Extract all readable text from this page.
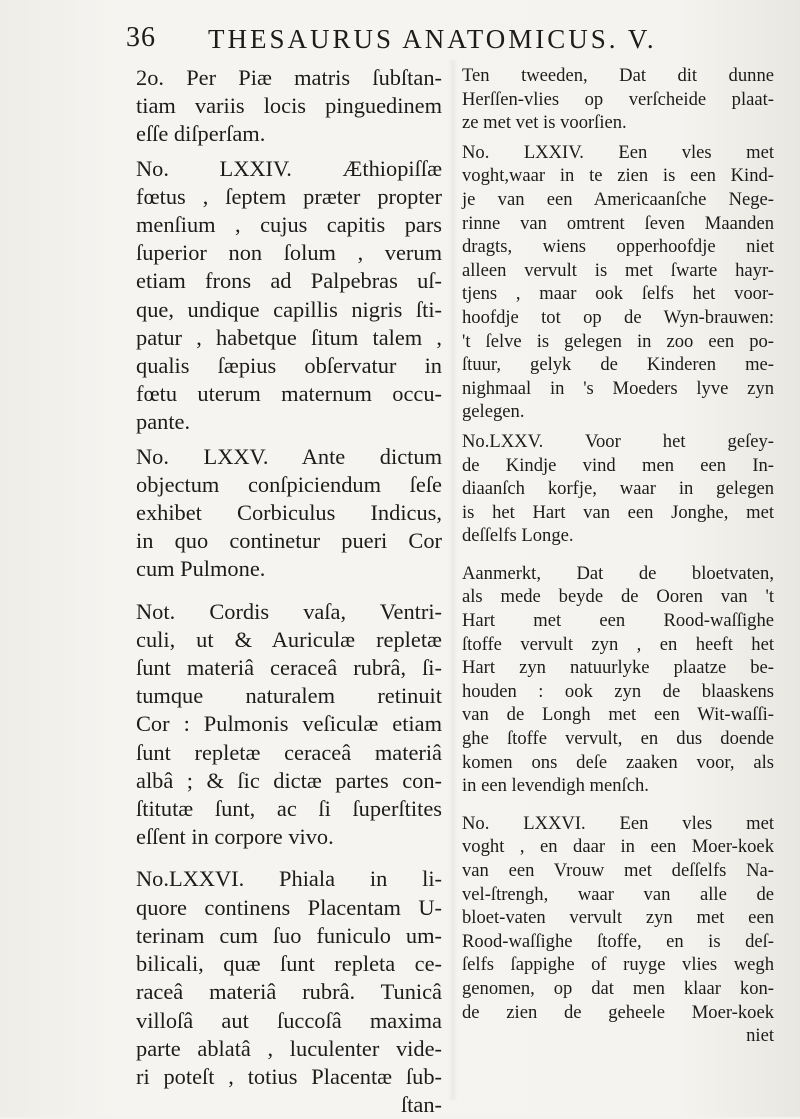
36 THESAURUS ANATOMICUS. V.
2o. Per Piæ matris ſubſtan-
tiam variis locis pinguedinem
eſſe diſperſam.
No. LXXIV. Æthiopiſſæ
fœtus , ſeptem præter propter
menſium , cujus capitis pars
ſuperior non ſolum , verum
etiam frons ad Palpebras uſ-
que, undique capillis nigris ſti-
patur , habetque ſitum talem ,
qualis ſæpius obſervatur in
fœtu uterum maternum occu-
pante.
No. LXXV. Ante dictum
objectum conſpiciendum ſeſe
exhibet Corbiculus Indicus,
in quo continetur pueri Cor
cum Pulmone.
Not. Cordis vaſa, Ventri-
culi, ut & Auriculæ repletæ
ſunt materiâ ceraceâ rubrâ, ſi-
tumque naturalem retinuit
Cor : Pulmonis veſiculæ etiam
ſunt repletæ ceraceâ materiâ
albâ ; & ſic dictæ partes con-
ſtitutæ ſunt, ac ſi ſuperſtites
eſſent in corpore vivo.
No.LXXVI. Phiala in li-
quore continens Placentam U-
terinam cum ſuo funiculo um-
bilicali, quæ ſunt repleta ce-
raceâ materiâ rubrâ. Tunicâ
villoſâ aut ſuccoſâ maxima
parte ablatâ , luculenter vide-
ri poteſt , totius Placentæ ſub-
ſtan-
Ten tweeden, Dat dit dunne
Herſſen-vlies op verſcheide plaat-
ze met vet is voorſien.
No. LXXIV. Een vles met
voght,waar in te zien is een Kind-
je van een Americaanſche Nege-
rinne van omtrent ſeven Maanden
dragts, wiens opperhoofdje niet
alleen vervult is met ſwarte hayr-
tjens , maar ook ſelfs het voor-
hoofdje tot op de Wyn-brauwen:
't ſelve is gelegen in zoo een po-
ſtuur, gelyk de Kinderen me-
nighmaal in 's Moeders lyve zyn
gelegen.
No.LXXV. Voor het geſey-
de Kindje vind men een In-
diaanſch korfje, waar in gelegen
is het Hart van een Jonghe, met
deſſelfs Longe.
Aanmerkt, Dat de bloetvaten,
als mede beyde de Ooren van 't
Hart met een Rood-waſſighe
ſtoffe vervult zyn , en heeft het
Hart zyn natuurlyke plaatze be-
houden : ook zyn de blaaskens
van de Longh met een Wit-waſſi-
ghe ſtoffe vervult, en dus doende
komen ons deſe zaaken voor, als
in een levendigh menſch.
No. LXXVI. Een vles met
voght , en daar in een Moer-koek
van een Vrouw met deſſelfs Na-
vel-ſtrengh, waar van alle de
bloet-vaten vervult zyn met een
Rood-waſſighe ſtoffe, en is deſ-
ſelfs ſappighe of ruyge vlies wegh
genomen, op dat men klaar kon-
de zien de geheele Moer-koek
niet
